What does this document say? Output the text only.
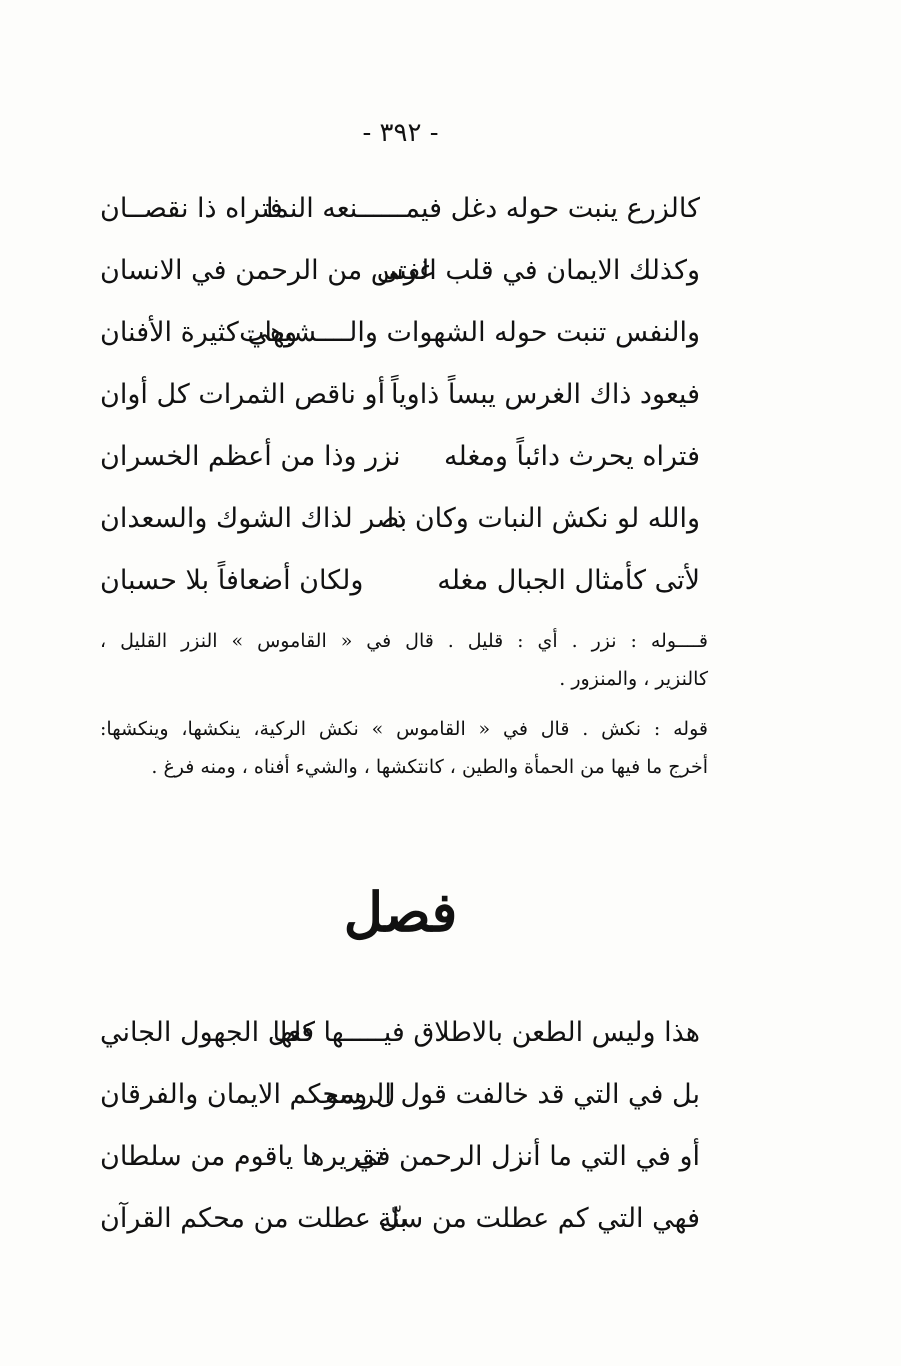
- ٣٩٢ -
كالزرع ينبت حوله دغل فيمــــــنعه النما
فتراه ذا نقصــان
وكذلك الايمان في قلب الفتى
غرس من الرحمن في الانسان
والنفس تنبت حوله الشهوات والــــشبهات
وهي كثيرة الأفنان
فيعود ذاك الغرس يبساً ذاوياً
أو ناقص الثمرات كل أوان
فتراه يحرث دائباً ومغله
نزر وذا من أعظم الخسران
والله لو نكش النبات وكان ذا
بصر لذاك الشوك والسعدان
لأتى كأمثال الجبال مغله
ولكان أضعافاً بلا حسبان

قــــوله : نزر . أي : قليل . قال في « القاموس » النزر القليل ،

كالنزير ، والمنزور .

قوله : نكش . قال في « القاموس » نكش الركية، ينكشها، وينكشها:

أخرج ما فيها من الحمأة والطين ، كانتكشها ، والشيء أفناه ، ومنه فرغ .

فصل
هذا وليس الطعن بالاطلاق فيـــــها كلها
فعل الجهول الجاني
بل في التي قد خالفت قول الرسو
ل ومحكم الايمان والفرقان
أو في التي ما أنزل الرحمن في
تقريرها ياقوم من سلطان
فهي التي كم عطلت من سنّة
بل عطلت من محكم القرآن
